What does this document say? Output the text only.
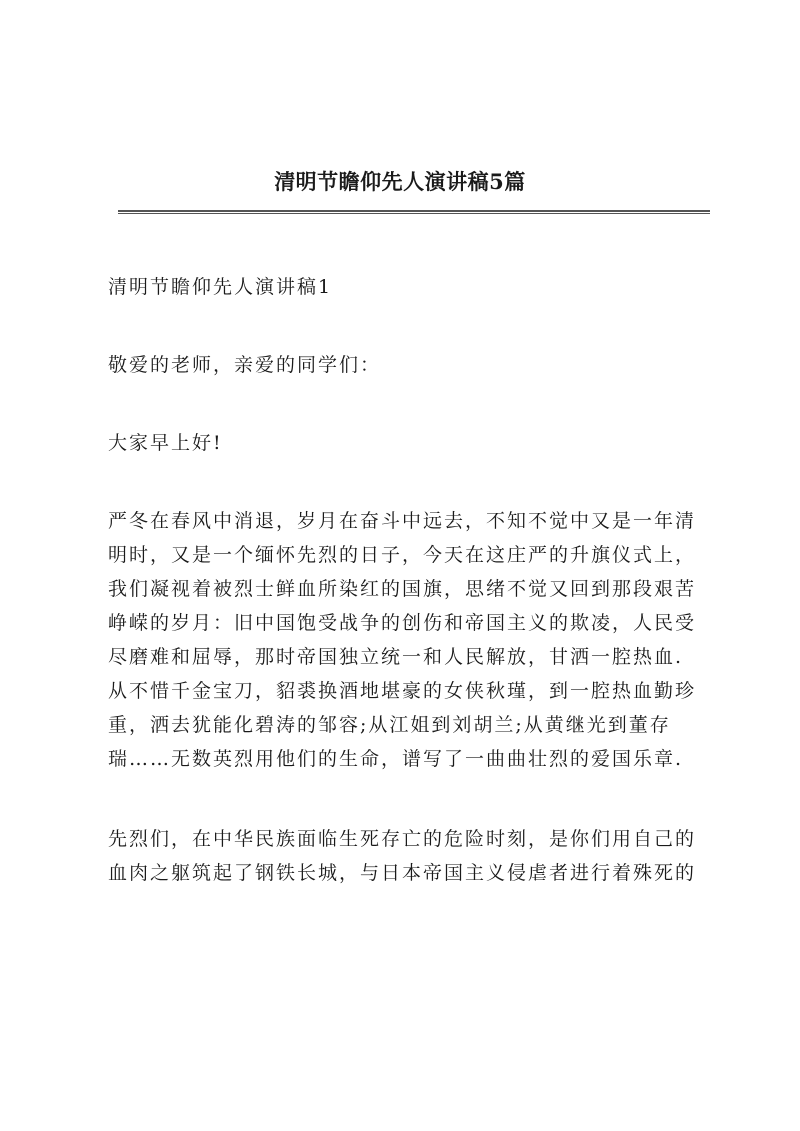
清明节瞻仰先人演讲稿5篇
清明节瞻仰先人演讲稿1
敬爱的老师，亲爱的同学们：
大家早上好!
严冬在春风中消退，岁月在奋斗中远去，不知不觉中又是一年清
明时，又是一个缅怀先烈的日子，今天在这庄严的升旗仪式上，
我们凝视着被烈士鲜血所染红的国旗，思绪不觉又回到那段艰苦
峥嵘的岁月：旧中国饱受战争的创伤和帝国主义的欺凌，人民受
尽磨难和屈辱，那时帝国独立统一和人民解放，甘洒一腔热血.
从不惜千金宝刀，貂裘换酒地堪豪的女侠秋瑾，到一腔热血勤珍
重，洒去犹能化碧涛的邹容;从江姐到刘胡兰;从黄继光到董存
瑞……无数英烈用他们的生命，谱写了一曲曲壮烈的爱国乐章.
先烈们，在中华民族面临生死存亡的危险时刻，是你们用自己的
血肉之躯筑起了钢铁长城，与日本帝国主义侵虐者进行着殊死的
